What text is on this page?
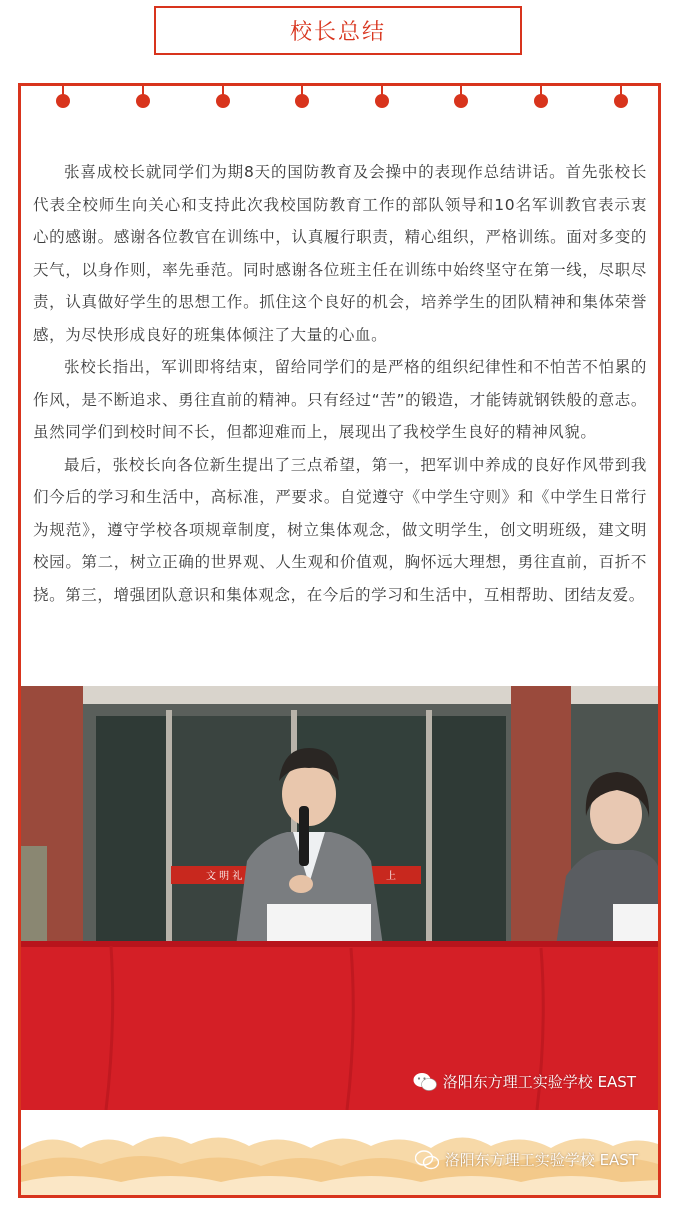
校长总结

张喜成校长就同学们为期8天的国防教育及会操中的表现作总结讲话。首先张校长代表全校师生向关心和支持此次我校国防教育工作的部队领导和10名军训教官表示衷心的感谢。感谢各位教官在训练中，认真履行职责，精心组织，严格训练。面对多变的天气，以身作则，率先垂范。同时感谢各位班主任在训练中始终坚守在第一线，尽职尽责，认真做好学生的思想工作。抓住这个良好的机会，培养学生的团队精神和集体荣誉感，为尽快形成良好的班集体倾注了大量的心血。

张校长指出，军训即将结束，留给同学们的是严格的组织纪律性和不怕苦不怕累的作风，是不断追求、勇往直前的精神。只有经过“苦”的锻造，才能铸就钢铁般的意志。虽然同学们到校时间不长，但都迎难而上，展现出了我校学生良好的精神风貌。

最后，张校长向各位新生提出了三点希望，第一，把军训中养成的良好作风带到我们今后的学习和生活中，高标准，严要求。自觉遵守《中学生守则》和《中学生日常行为规范》，遵守学校各项规章制度，树立集体观念，做文明学生，创文明班级，建文明校园。第二，树立正确的世界观、人生观和价值观，胸怀远大理想，勇往直前，百折不挠。第三，增强团队意识和集体观念，在今后的学习和生活中，互相帮助、团结友爱。

文 明 礼	上
洛阳东方理工实验学校 EAST
洛阳东方理工实验学校 EAST
